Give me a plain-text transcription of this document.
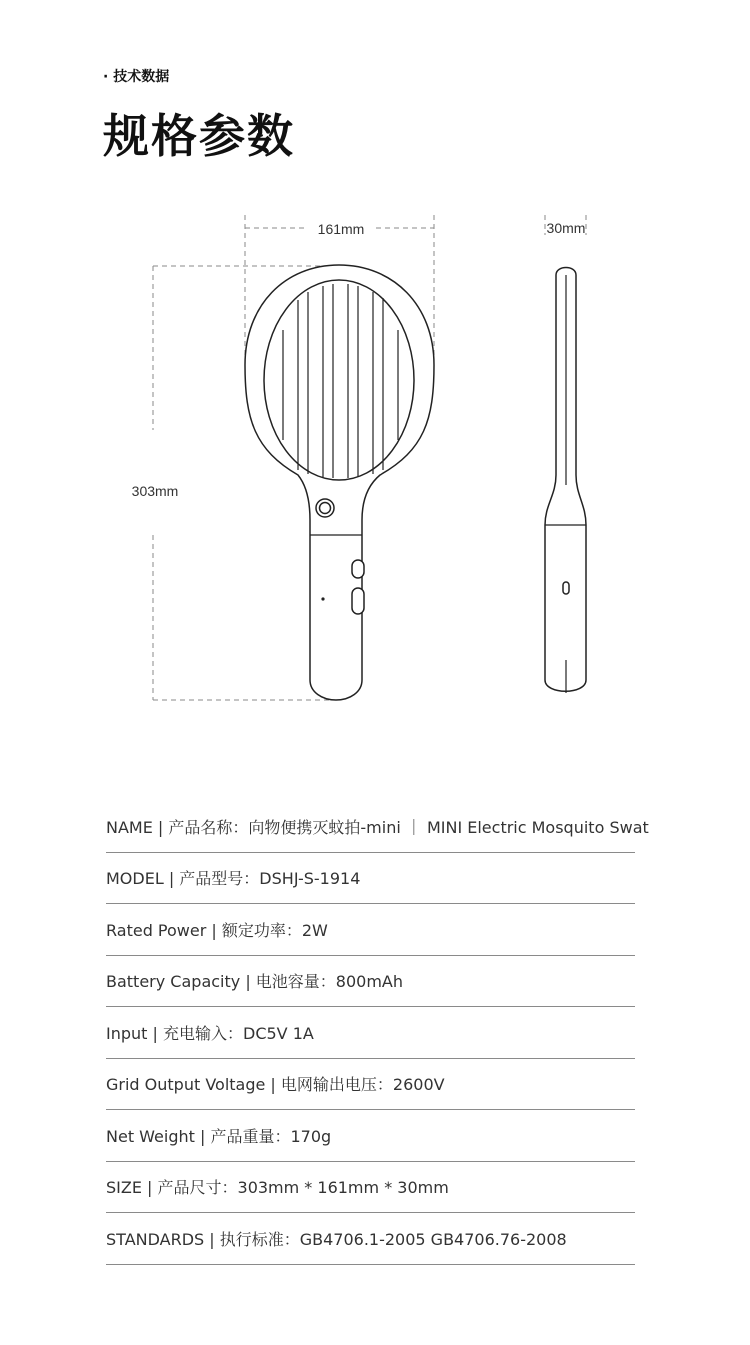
· 技术数据
规格参数
161mm	30mm
303mm
NAME | 产品名称：向物便携灭蚊拍-mini ｜ MINI Electric Mosquito Swat
MODEL | 产品型号：DSHJ-S-1914
Rated Power | 额定功率：2W
Battery Capacity | 电池容量：800mAh
Input | 充电输入：DC5V 1A
Grid Output Voltage | 电网输出电压：2600V
Net Weight | 产品重量：170g
SIZE | 产品尺寸：303mm * 161mm * 30mm
STANDARDS | 执行标准：GB4706.1-2005 GB4706.76-2008
